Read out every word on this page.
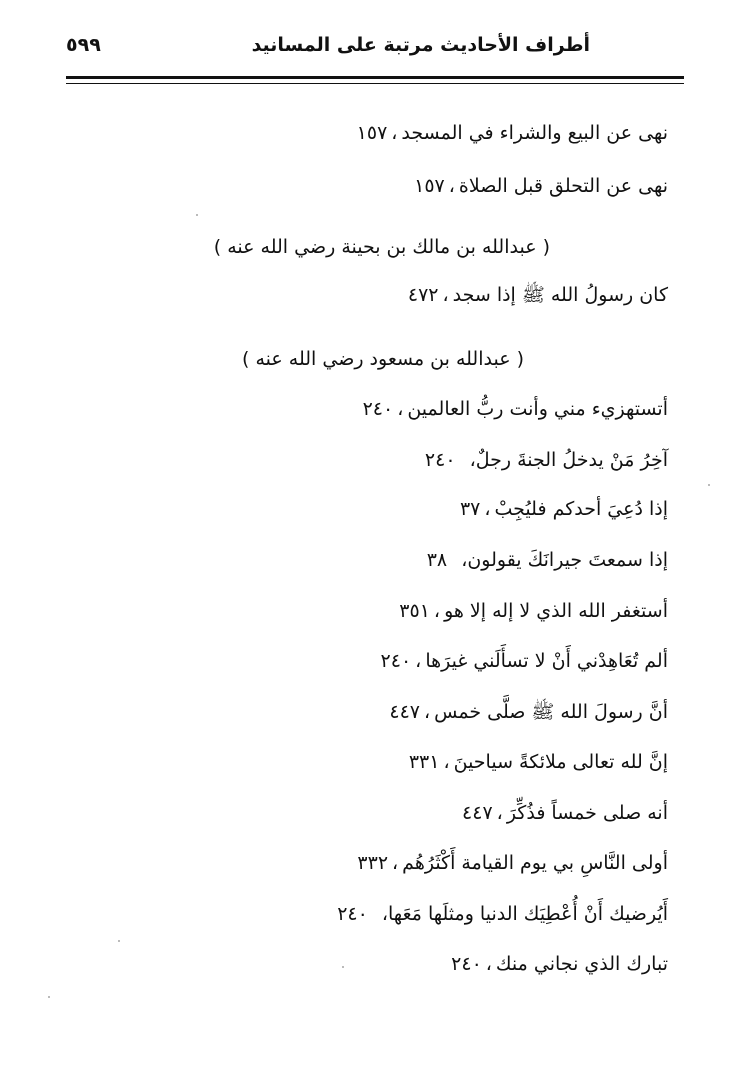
أطراف الأحاديث مرتبة على المسانيد
٥٩٩
نهى عن البيع والشراء في المسجد،١٥٧
نهى عن التحلق قبل الصلاة،١٥٧
( عبدالله بن مالك بن بحينة رضي الله عنه )
كان رسولُ الله ﷺ إذا سجد،٤٧٢
( عبدالله بن مسعود رضي الله عنه )
أتستهزيء مني وأنت ربُّ العالمين،٢٤٠
آخِرُ مَنْ يدخلُ الجنةَ رجلٌ، ٢٤٠
إذا دُعِيَ أحدكم فليُجِبْ،٣٧
إذا سمعتَ جيرانَكَ يقولون، ٣٨
أستغفر الله الذي لا إله إلا هو،٣٥١
ألم تُعَاهِدْني أَنْ لا تسأَلَني غيرَها،٢٤٠
أنَّ رسولَ الله ﷺ صلَّى خمس،٤٤٧
إنَّ لله تعالى ملائكةً سياحينَ،٣٣١
أنه صلى خمساً فذُكِّرَ،٤٤٧
أولى النَّاسِ بي يوم القيامة أَكْثَرُهُم،٣٣٢
أَيُرضيك أَنْ أُعْطِيَك الدنيا ومثلَها مَعَها، ٢٤٠
تبارك الذي نجاني منك،٢٤٠
